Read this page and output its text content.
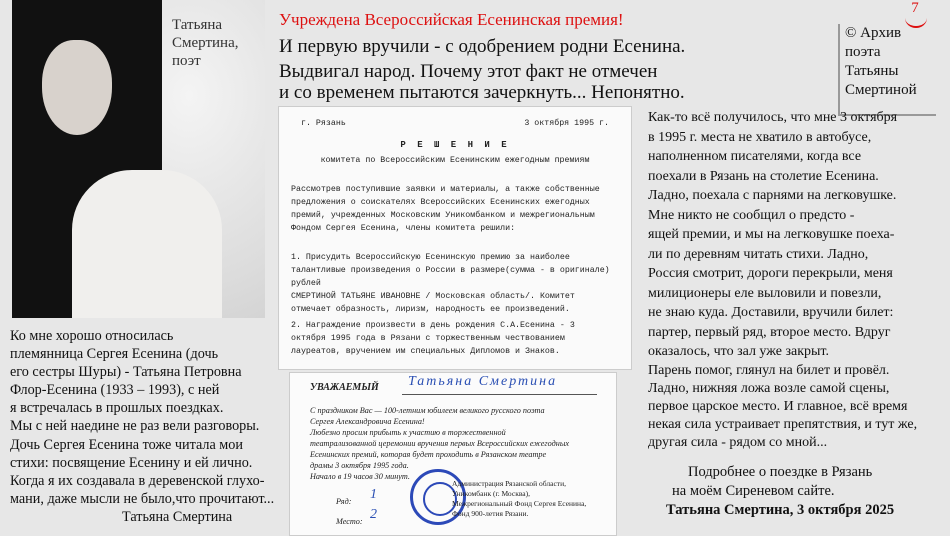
Татьяна
Смертина,
поэт
Учреждена Всероссийская Есенинская премия!
И первую вручили - с одобрением родни Есенина.
Выдвигал народ. Почему этот факт не отмечен
и со временем пытаются зачеркнуть... Непонятно.
7
© Архив
поэта
Татьяны
Смертиной
г. Рязань	3 октября 1995 г.
Р Е Ш Е Н И Е
комитета по Всероссийским Есенинским ежегодным премиям
Рассмотрев поступившие заявки и материалы, а также собственные
предложения о соискателях Всероссийских Есенинских ежегодных
премий, учрежденных Московским Уникомбанком и межрегиональным
Фондом Сергея Есенина, члены комитета решили:
1. Присудить Всероссийскую Есенинскую премию за наиболее
талантливые произведения о России в размере(сумма - в оригинале) рублей
СМЕРТИНОЙ ТАТЬЯНЕ ИВАНОВНЕ / Московская область/. Комитет
отмечает образность, лиризм, народность ее произведений.
2. Награждение произвести в день рождения С.А.Есенина - 3
октября 1995 года в Рязани с торжественным чествованием
лауреатов, вручением им специальных Дипломов и Знаков.
УВАЖАЕМЫЙ Татьяна Смертина
С праздником Вас — 100-летним юбилеем великого русского поэта
Сергея Александровича Есенина!
Любезно просим прибыть к участию в торжественной
театрализованной церемонии вручения первых Всероссийских ежегодных
Есенинских премий, которая будет проходить в Рязанском театре
драмы 3 октября 1995 года.
Начало в 19 часов 30 минут.
Ряд: 1
Место: 2
Администрация Рязанской области,
Уникомбанк (г. Москва),
Межрегиональный Фонд Сергея Есенина,
Фонд 900-летия Рязани.
Ко мне хорошо относилась
племянница Сергея Есенина (дочь
его сестры Шуры) - Татьяна Петровна
Флор-Есенина (1933 – 1993), с ней
я встречалась в прошлых поездках.
Мы с ней наедине не раз вели разговоры.
Дочь Сергея Есенина тоже читала мои
стихи: посвящение Есенину и ей лично.
Когда я их создавала в деревенской глухо-
мани, даже мысли не было,что прочитают...
Татьяна Смертина
Как-то всё получилось, что мне 3 октября
в 1995 г. места не хватило в автобусе,
наполненном писателями, когда все
поехали в Рязань на столетие Есенина.
Ладно, поехала с парнями на легковушке.
Мне никто не сообщил о предсто -
ящей премии, и мы на легковушке поеха-
ли по деревням читать стихи. Ладно,
Россия смотрит, дороги перекрыли, меня
милиционеры еле выловили и повезли,
не знаю куда. Доставили, вручили билет:
партер, первый ряд, второе место. Вдруг
оказалось, что зал уже закрыт.
Парень помог, глянул на билет и провёл.
Ладно, нижняя ложа возле самой сцены,
первое царское место. И главное, всё время
некая сила устраивает препятствия, и тут же,
другая сила - рядом со мной...
Подробнее о поездке в Рязань
на моём Сиреневом сайте.
Татьяна Смертина, 3 октября 2025
